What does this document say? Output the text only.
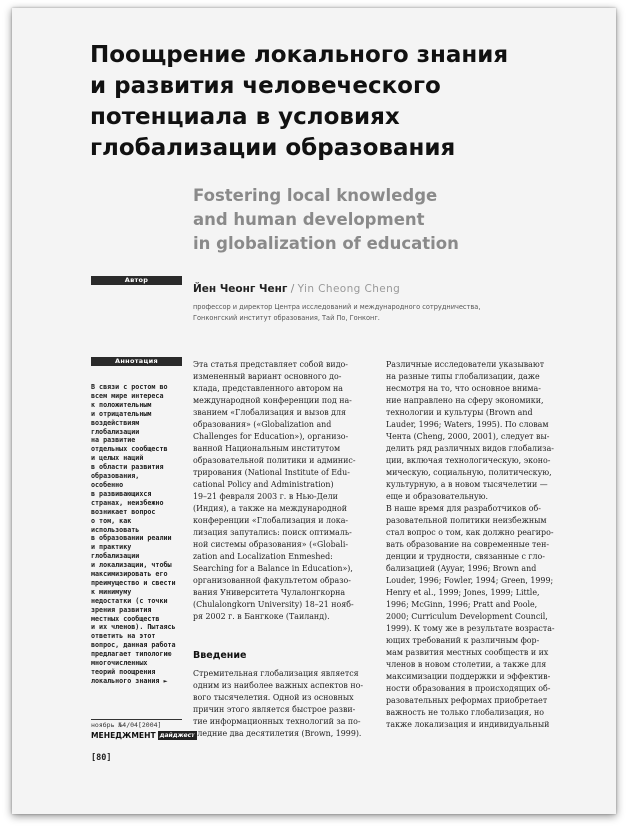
Поощрение локального знания
и развития человеческого
потенциала в условиях
глобализации образования
Fostering local knowledge
and human development
in globalization of education
Автор
Йен Чеонг Ченг / Yin Cheong Cheng
профессор и директор Центра исследований и международного сотрудничества,
Гонконгский институт образования, Тай По, Гонконг.
Аннотация
В связи с ростом во
всем мире интереса
к положительным
и отрицательным
воздействиям
глобализации
на развитие
отдельных сообществ
и целых наций
в области развития
образования,
особенно
в развивающихся
странах, неизбежно
возникает вопрос
о том, как
использовать
в образовании реалии
и практику
глобализации
и локализации, чтобы
максимизировать его
преимущество и свести
к минимуму
недостатки (с точки
зрения развития
местных сообществ
и их членов). Пытаясь
ответить на этот
вопрос, данная работа
предлагает типологию
многочисленных
теорий поощрения
локального знания ►
ноябрь №4/04[2004]
МЕНЕДЖМЕНТ дайджест
[80]
Эта статья представляет собой видо-
измененный вариант основного до-
клада, представленного автором на
международной конференции под на-
званием «Глобализация и вызов для
образования» («Globalization and
Challenges for Education»), организо-
ванной Национальным институтом
образовательной политики и админис-
трирования (National Institute of Edu-
cational Policy and Administration)
19–21 февраля 2003 г. в Нью-Дели
(Индия), а также на международной
конференции «Глобализация и лока-
лизация запутались: поиск оптималь-
ной системы образования» («Globali-
zation and Localization Enmeshed:
Searching for a Balance in Education»),
организованной факультетом образо-
вания Университета Чулалонгкорна
(Chulalongkorn University) 18–21 нояб-
ря 2002 г. в Бангкоке (Таиланд).
Введение
Стремительная глобализация является
одним из наиболее важных аспектов но-
вого тысячелетия. Одной из основных
причин этого является быстрое разви-
тие информационных технологий за по-
следние два десятилетия (Brown, 1999).
Различные исследователи указывают
на разные типы глобализации, даже
несмотря на то, что основное внима-
ние направлено на сферу экономики,
технологии и культуры (Brown and
Lauder, 1996; Waters, 1995). По словам
Чента (Cheng, 2000, 2001), следует вы-
делить ряд различных видов глобализа-
ции, включая технологическую, эконо-
мическую, социальную, политическую,
культурную, а в новом тысячелетии —
еще и образовательную.
В наше время для разработчиков об-
разовательной политики неизбежным
стал вопрос о том, как должно реагиро-
вать образование на современные тен-
денции и трудности, связанные с гло-
бализацией (Ayyar, 1996; Brown and
Louder, 1996; Fowler, 1994; Green, 1999;
Henry et al., 1999; Jones, 1999; Little,
1996; McGinn, 1996; Pratt and Poole,
2000; Curriculum Development Council,
1999). К тому же в результате возраста-
ющих требований к различным фор-
мам развития местных сообществ и их
членов в новом столетии, а также для
максимизации поддержки и эффектив-
ности образования в происходящих об-
разовательных реформах приобретает
важность не только глобализация, но
также локализация и индивидуальный
